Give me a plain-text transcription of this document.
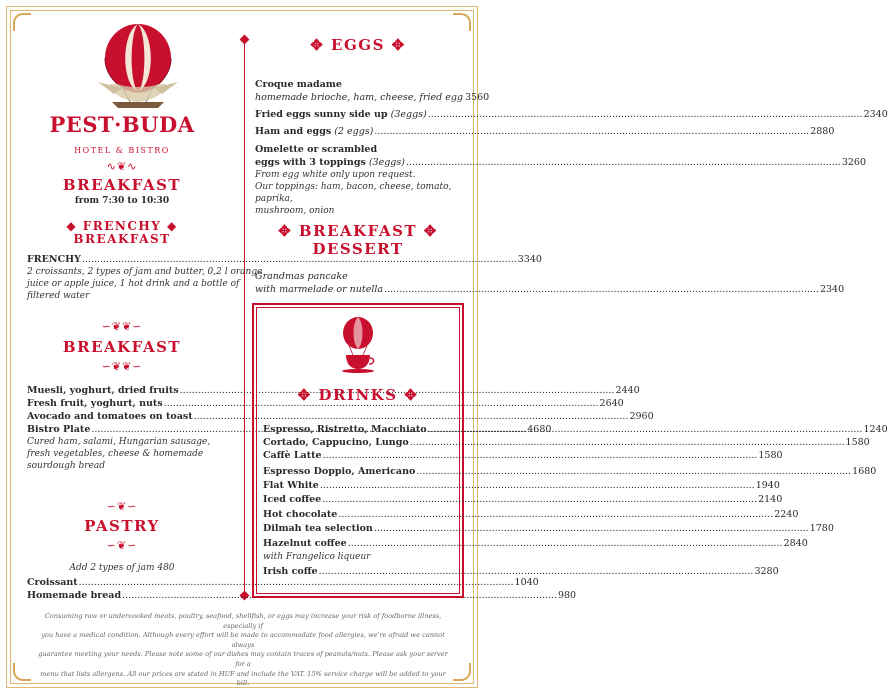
PEST·BUDA
HOTEL & BISTRO
∿❦∿
BREAKFAST
from 7:30 to 10:30
◆ FRENCHY ◆
BREAKFAST
FRENCHY .....	3340
2 croissants, 2 types of jam and butter, 0,2 l orange
juice or apple juice, 1 hot drink and a bottle of
filtered water
∽❦❦∽
BREAKFAST
∽❦❦∽
Muesli, yoghurt, dried fruits .....	2440
Fresh fruit, yoghurt, nuts .....	2640
Avocado and tomatoes on toast .....	2960
Bistro Plate .....	4680
Cured ham, salami, Hungarian sausage,
fresh vegetables, cheese & homemade
sourdough bread
∽❦∽
PASTRY
∽❦∽
Add 2 types of jam 480
Croissant .....	1040
Homemade bread .....	980
✥ EGGS ✥
Croque madame
homemade brioche, ham, cheese, fried egg 3560
Fried eggs sunny side up
(3eggs) .....	2340
Ham and eggs
(2 eggs) .....	2880
Omelette or scrambled
eggs with 3 toppings
(3eggs) .....	3260
From egg white only upon request.
Our toppings: ham, bacon, cheese, tomato, paprika,
mushroom, onion
✥ BREAKFAST ✥
DESSERT
Grandmas pancake
with marmelade or nutella .....	2340
✥ DRINKS ✥
Espresso, Ristretto, Macchiato .....	1240
Cortado, Cappucino, Lungo .....	1580
Caffè Latte .....	1580
Espresso Doppio, Americano .....	1680
Flat White .....	1940
Iced coffee .....	2140
Hot chocolate .....	2240
Dilmah tea selection .....	1780
Hazelnut coffee .....	2840
with Frangelico liqueur
Irish coffe .....	3280
Consuming raw or undercooked meats, poultry, seafood, shellfish, or eggs may increase your risk of foodborne illness, especially if
you have a medical condition. Although every effort will be made to accommodate food allergies, we're afraid we cannot always
guarantee meeting your needs. Please note some of our dishes may contain traces of peanuts/nuts. Please ask your server for a
menu that lists allergens. All our prices are stated in HUF and include the VAT. 15% service charge will be added to your bill.
